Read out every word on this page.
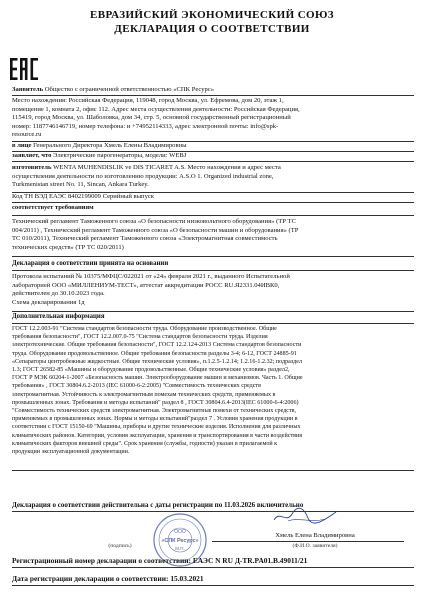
ЕВРАЗИЙСКИЙ ЭКОНОМИЧЕСКИЙ СОЮЗ
ДЕКЛАРАЦИЯ О СООТВЕТСТВИИ
Заявитель Общество с ограниченной ответственностью «СПК Ресурс»
Место нахождения: Российская Федерация, 119048, город Москва, ул. Ефремова, дом 20, этаж 1,
помещение 1, комната 2, офис 112. Адрес места осуществления деятельности: Российская Федерация,
115419, город Москва, ул. Шаболовка, дом 34, стр. 5, основной государственный регистрационный
номер: 1187746146719, номер телефона: и +74952114333, адрес электронной почты: info@spk-
resource.ru
в лице Генерального Директора Хмель Елены Владимировны
заявляет, что Электрические парогенераторы, модели: WEBJ
изготовитель WENTA MUHENDISLIK ve DIS TICARET A.S. Место нахождения и адрес места
осуществления деятельности по изготовлению продукции: A.S.O 1. Organized industrial zone,
Turkmenistan street No. 11, Sincan, Ankara Turkey.
Код ТН ВЭД ЕАЭС 8402199009 Серийный выпуск
соответствует требованиям
Технический регламент Таможенного союза «О безопасности низковольтного оборудования» (ТР ТС
004/2011) , Технический регламент Таможенного союза «О безопасности машин и оборудования» (ТР
ТС 010/2011), Технический регламент Таможенного союза «Электромагнитная совместимость
технических средств» (ТР ТС 020/2011)
Декларация о соответствии принята на основании
Протокола испытаний № 10375/МФЦС/022021 от «24» февраля 2021 г., выданного Испытательной
лабораторией ООО «МИЛЛЕНИУМ-ТЕСТ», аттестат аккредитации РОСС RU.Я2331.04ИВК0,
действителен до 30.10.2023 года.
Схема декларирования 1д
Дополнительная информация
ГОСТ 12.2.003-91 "Система стандартов безопасности труда. Оборудование производственное. Общие
требования безопасности", ГОСТ 12.2.007.0-75 "Система стандартов безопасности труда. Изделия
электротехнические. Общие требования безопасности", ГОСТ 12.2.124-2013 Система стандартов безопасности
труда. Оборудование продовольственное. Общие требования безопасности разделы 3-4; 6-12, ГОСТ 24885-91
«Сепараторы центробежные жидкостные. Общие технические условия», п.1.2.5-1.2.14; 1.2.16-1.2.32; подраздел
1.3; ГОСТ 26582-85 «Машины и оборудование продовольственные. Общие технические условия» раздел2,
ГОСТ Р МЭК 60204-1-2007 «Безопасность машин. Электрооборудование машин и механизмов. Часть 1. Общие
требования» , ГОСТ 30804.6.2-2013 (IEC 61000-6-2:2005) "Совместимость технических средств
электромагнитная. Устойчивость к электромагнитным помехам технических средств, применяемых в
промышленных зонах. Требования и методы испытаний" раздел 8 , ГОСТ 30804.6.4-2013(IEC 61000-6-4:2006)
"Совместимость технических средств электромагнитная. Электромагнитные помехи от технических средств,
применяемых в промышленных зонах. Нормы и методы испытаний"раздел 7 . Условия хранения продукции в
соответствии с ГОСТ 15150-69 "Машины, приборы и другие технические изделия. Исполнения для различных
климатических районов. Категории, условия эксплуатации, хранения и транспортирования в части воздействия
климатических факторов внешней среды". Срок хранения (службы, годности) указан в прилагаемой к
продукции эксплуатационной документации.
Декларация о соответствии действительна с даты регистрации по 11.03.2026 включительно
ООО
«СПК Ресурс»
М.П.
Хмель Елена Владимировна
(Ф.И.О. заявителя)
(подпись)
Регистрационный номер декларации о соответствии: ЕАЭС N RU Д-TR.PA01.B.49011/21
Дата регистрации декларации о соответствии: 15.03.2021
